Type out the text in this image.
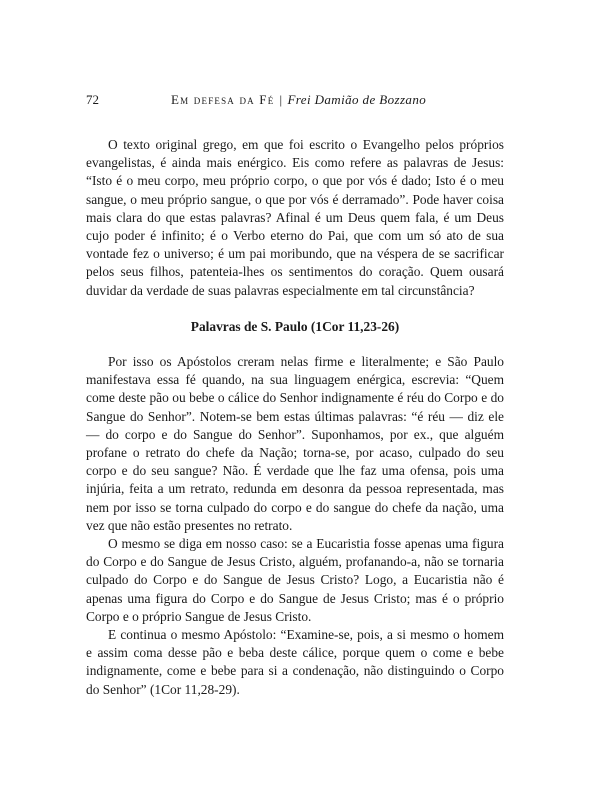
72	Em defesa da Fé | Frei Damião de Bozzano

O texto original grego, em que foi escrito o Evangelho pelos próprios evangelistas, é ainda mais enérgico. Eis como refere as palavras de Jesus: “Isto é o meu corpo, meu próprio corpo, o que por vós é dado; Isto é o meu sangue, o meu próprio sangue, o que por vós é derramado”. Pode haver coisa mais clara do que estas palavras? Afinal é um Deus quem fala, é um Deus cujo poder é infinito; é o Verbo eterno do Pai, que com um só ato de sua vontade fez o universo; é um pai moribundo, que na véspera de se sacrificar pelos seus filhos, patenteia-lhes os sentimentos do coração. Quem ousará duvidar da verdade de suas palavras especialmente em tal circunstância?

Palavras de S. Paulo (1Cor 11,23-26)

Por isso os Apóstolos creram nelas firme e literalmente; e São Paulo manifestava essa fé quando, na sua linguagem enérgica, escrevia: “Quem come deste pão ou bebe o cálice do Senhor indignamente é réu do Corpo e do Sangue do Senhor”. Notem-se bem estas últimas palavras: “é réu — diz ele — do corpo e do Sangue do Senhor”. Suponhamos, por ex., que alguém profane o retrato do chefe da Nação; torna-se, por acaso, culpado do seu corpo e do seu sangue? Não. É verdade que lhe faz uma ofensa, pois uma injúria, feita a um retrato, redunda em desonra da pessoa representada, mas nem por isso se torna culpado do corpo e do sangue do chefe da nação, uma vez que não estão presentes no retrato.

O mesmo se diga em nosso caso: se a Eucaristia fosse apenas uma figura do Corpo e do Sangue de Jesus Cristo, alguém, profanando-a, não se tornaria culpado do Corpo e do Sangue de Jesus Cristo? Logo, a Eucaristia não é apenas uma figura do Corpo e do Sangue de Jesus Cristo; mas é o próprio Corpo e o próprio Sangue de Jesus Cristo.

E continua o mesmo Apóstolo: “Examine-se, pois, a si mesmo o homem e assim coma desse pão e beba deste cálice, porque quem o come e bebe indignamente, come e bebe para si a condenação, não distinguindo o Corpo do Senhor” (1Cor 11,28-29).
